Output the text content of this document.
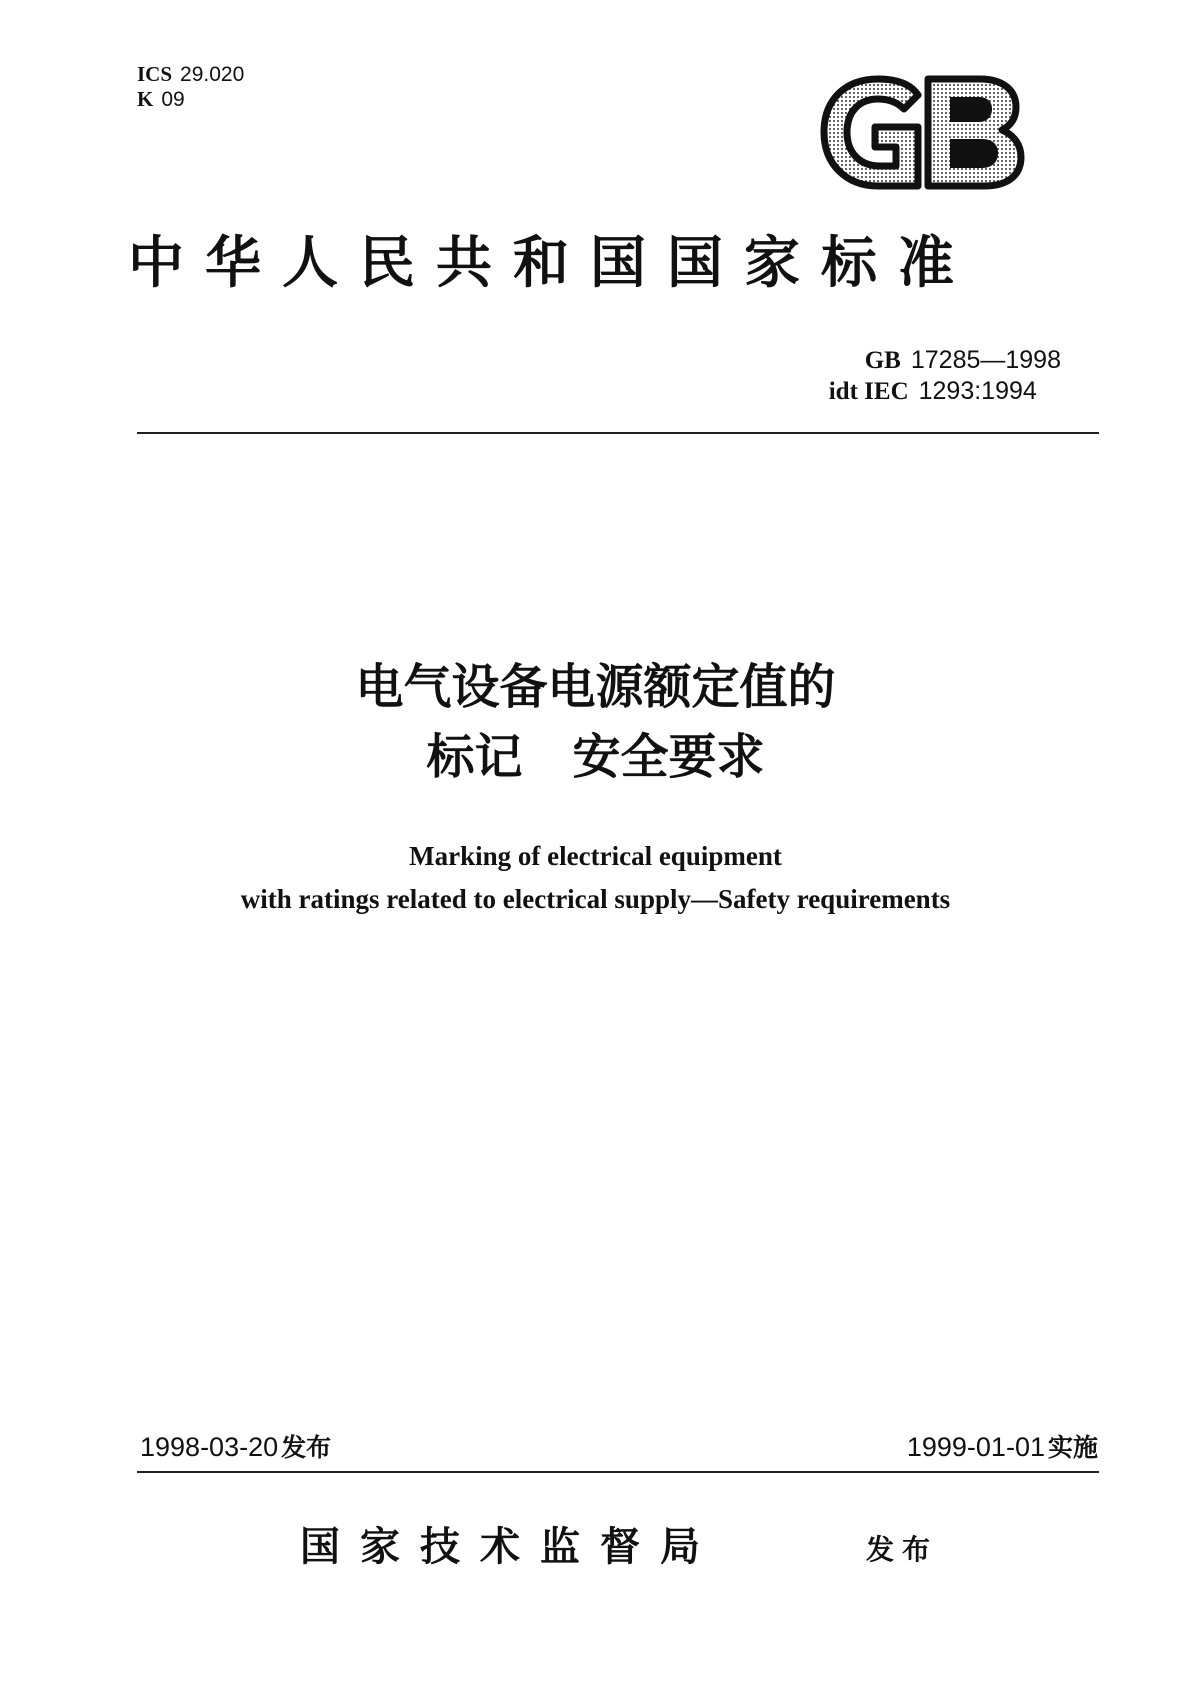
ICS 29.020
K 09
中华人民共和国国家标准
GB 17285—1998
idt IEC 1293:1994
电气设备电源额定值的
标记 安全要求
Marking of electrical equipment
with ratings related to electrical supply—Safety requirements
1998-03-20 发布	1999-01-01 实施
国家技术监督局	发布
